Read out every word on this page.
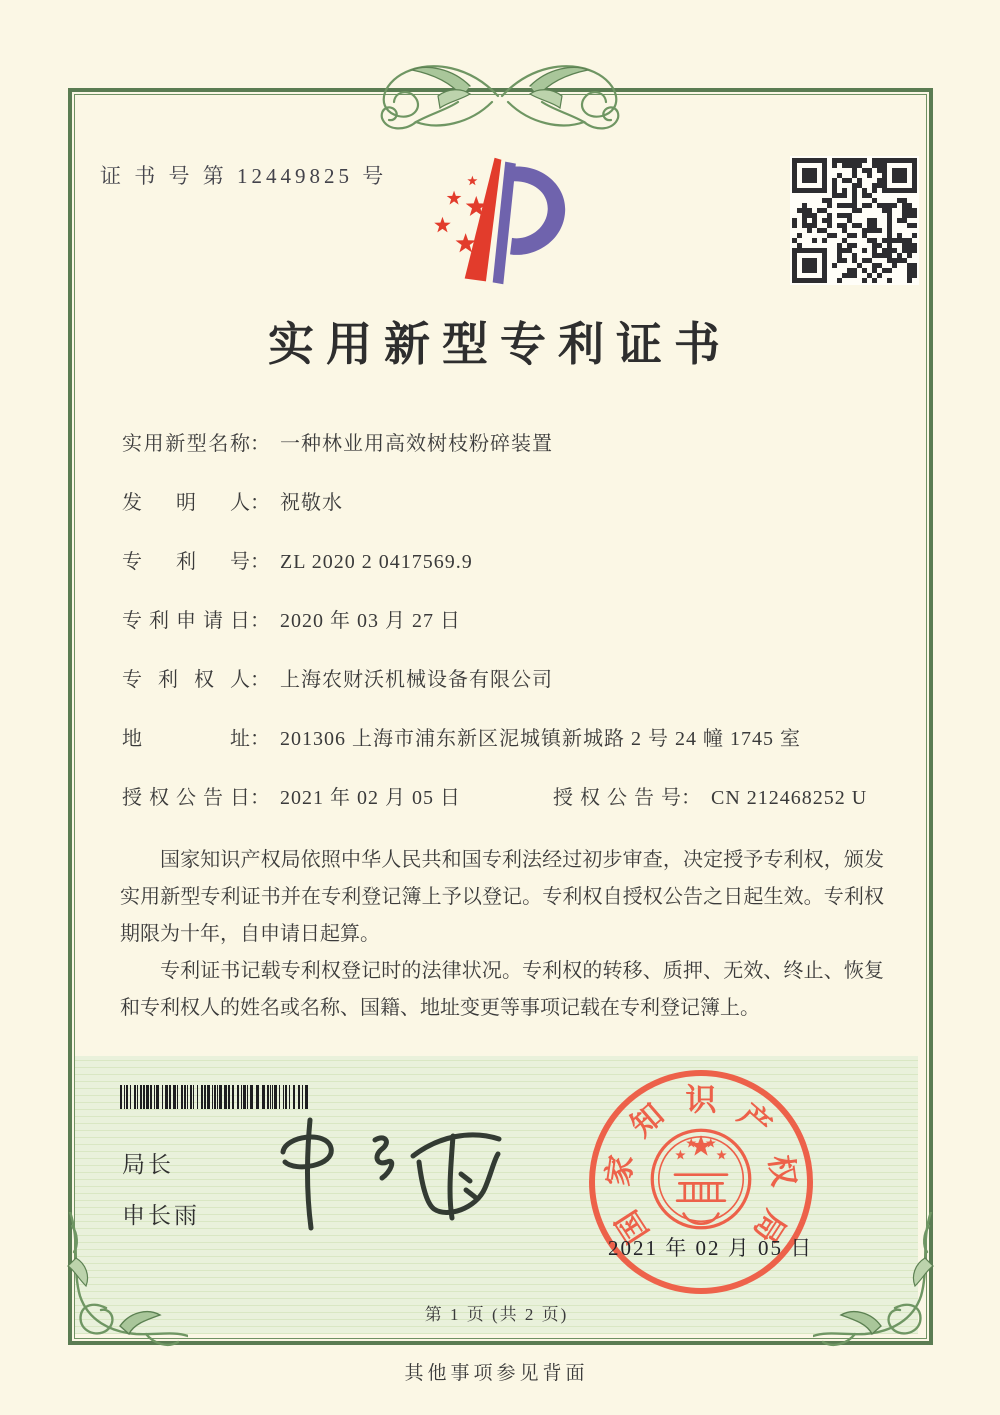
证 书 号 第 12449825 号
实用新型专利证书
实用新型名称： 一种林业用高效树枝粉碎装置
发明人： 祝敬水
专利号： ZL 2020 2 0417569.9
专利申请日： 2020 年 03 月 27 日
专利权人： 上海农财沃机械设备有限公司
地址： 201306 上海市浦东新区泥城镇新城路 2 号 24 幢 1745 室
授权公告日： 2021 年 02 月 05 日	授权公告号： CN 212468252 U

国家知识产权局依照中华人民共和国专利法经过初步审查，决定授予专利权，颁发实用新型专利证书并在专利登记簿上予以登记。专利权自授权公告之日起生效。专利权期限为十年，自申请日起算。

专利证书记载专利权登记时的法律状况。专利权的转移、质押、无效、终止、恢复和专利权人的姓名或名称、国籍、地址变更等事项记载在专利登记簿上。

局长
申长雨	国
家
知 识 产
权
局
2021 年 02 月 05 日
第 1 页 (共 2 页)
其他事项参见背面
